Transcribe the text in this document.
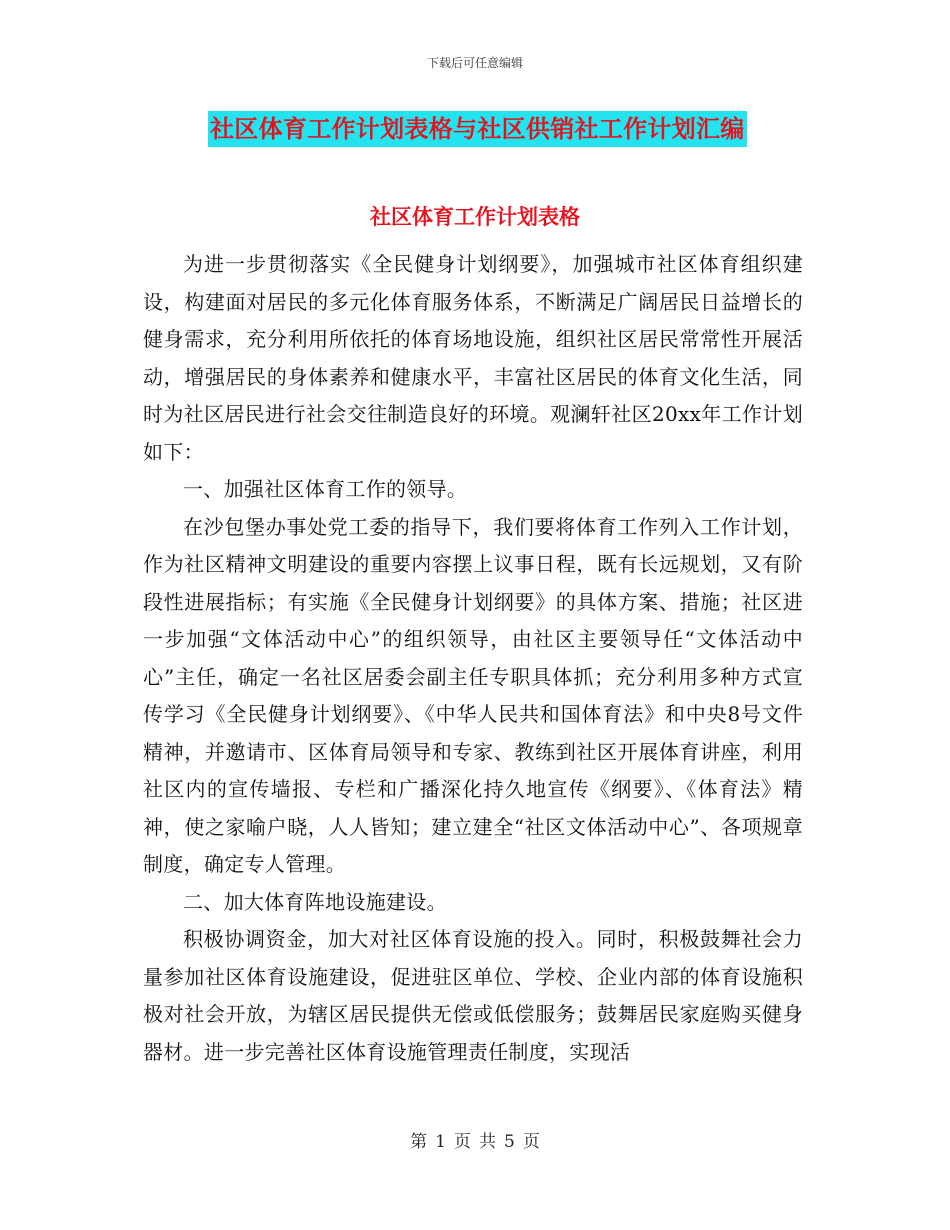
下载后可任意编辑
社区体育工作计划表格与社区供销社工作计划汇编
社区体育工作计划表格

为进一步贯彻落实《全民健身计划纲要》，加强城市社区体育组织建设，构建面对居民的多元化体育服务体系，不断满足广阔居民日益增长的健身需求，充分利用所依托的体育场地设施，组织社区居民常常性开展活动，增强居民的身体素养和健康水平，丰富社区居民的体育文化生活，同时为社区居民进行社会交往制造良好的环境。观澜轩社区20xx年工作计划如下：

一、加强社区体育工作的领导。

在沙包堡办事处党工委的指导下，我们要将体育工作列入工作计划，作为社区精神文明建设的重要内容摆上议事日程，既有长远规划，又有阶段性进展指标；有实施《全民健身计划纲要》的具体方案、措施；社区进一步加强“文体活动中心”的组织领导，由社区主要领导任“文体活动中心”主任，确定一名社区居委会副主任专职具体抓；充分利用多种方式宣传学习《全民健身计划纲要》、《中华人民共和国体育法》和中央8号文件精神，并邀请市、区体育局领导和专家、教练到社区开展体育讲座，利用社区内的宣传墙报、专栏和广播深化持久地宣传《纲要》、《体育法》精神，使之家喻户晓，人人皆知；建立建全“社区文体活动中心”、各项规章制度，确定专人管理。

二、加大体育阵地设施建设。

积极协调资金，加大对社区体育设施的投入。同时，积极鼓舞社会力量参加社区体育设施建设，促进驻区单位、学校、企业内部的体育设施积极对社会开放，为辖区居民提供无偿或低偿服务；鼓舞居民家庭购买健身器材。进一步完善社区体育设施管理责任制度，实现活

第 1 页 共 5 页
